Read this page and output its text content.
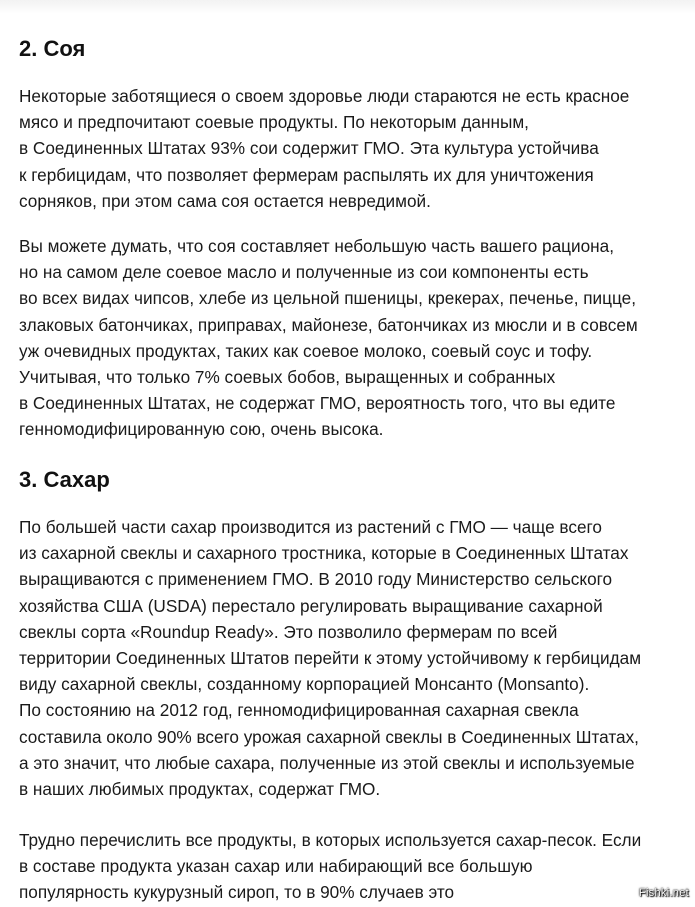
2. Соя
Некоторые заботящиеся о своем здоровье люди стараются не есть красное
мясо и предпочитают соевые продукты. По некоторым данным,
в Соединенных Штатах 93% сои содержит ГМО. Эта культура устойчива
к гербицидам, что позволяет фермерам распылять их для уничтожения
сорняков, при этом сама соя остается невредимой.
Вы можете думать, что соя составляет небольшую часть вашего рациона,
но на самом деле соевое масло и полученные из сои компоненты есть
во всех видах чипсов, хлебе из цельной пшеницы, крекерах, печенье, пицце,
злаковых батончиках, приправах, майонезе, батончиках из мюсли и в совсем
уж очевидных продуктах, таких как соевое молоко, соевый соус и тофу.
Учитывая, что только 7% соевых бобов, выращенных и собранных
в Соединенных Штатах, не содержат ГМО, вероятность того, что вы едите
генномодифицированную сою, очень высока.
3. Сахар
По большей части сахар производится из растений с ГМО — чаще всего
из сахарной свеклы и сахарного тростника, которые в Соединенных Штатах
выращиваются с применением ГМО. В 2010 году Министерство сельского
хозяйства США (USDA) перестало регулировать выращивание сахарной
свеклы сорта «Roundup Ready». Это позволило фермерам по всей
территории Соединенных Штатов перейти к этому устойчивому к гербицидам
виду сахарной свеклы, созданному корпорацией Монсанто (Monsanto).
По состоянию на 2012 год, генномодифицированная сахарная свекла
составила около 90% всего урожая сахарной свеклы в Соединенных Штатах,
а это значит, что любые сахара, полученные из этой свеклы и используемые
в наших любимых продуктах, содержат ГМО.
Трудно перечислить все продукты, в которых используется сахар-песок. Если
в составе продукта указан сахар или набирающий все большую
популярность кукурузный сироп, то в 90% случаев это	Fishki.net
